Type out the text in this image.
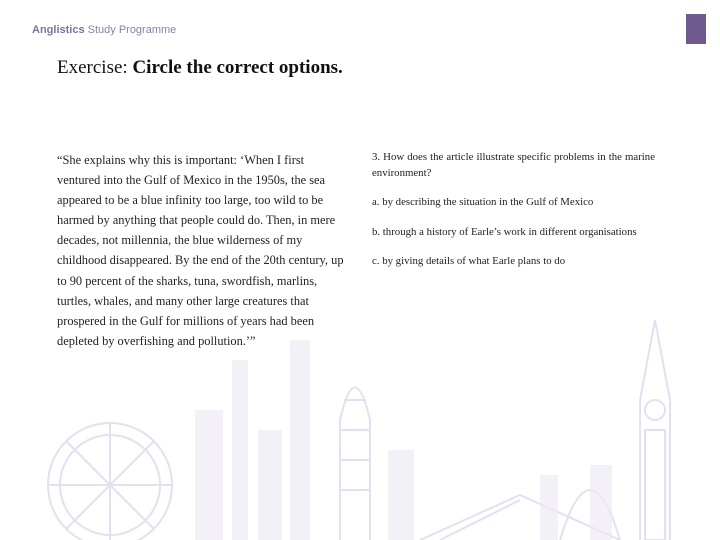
Anglistics Study Programme
Exercise: Circle the correct options.
“She explains why this is important: ‘When I first ventured into the Gulf of Mexico in the 1950s, the sea appeared to be a blue infinity too large, too wild to be harmed by anything that people could do. Then, in mere decades, not millennia, the blue wilderness of my childhood disappeared. By the end of the 20th century, up to 90 percent of the sharks, tuna, swordfish, marlins, turtles, whales, and many other large creatures that prospered in the Gulf for millions of years had been depleted by overfishing and pollution.’”

3. How does the article illustrate specific problems in the marine environment?

a. by describing the situation in the Gulf of Mexico

b. through a history of Earle’s work in different organisations

c. by giving details of what Earle plans to do
